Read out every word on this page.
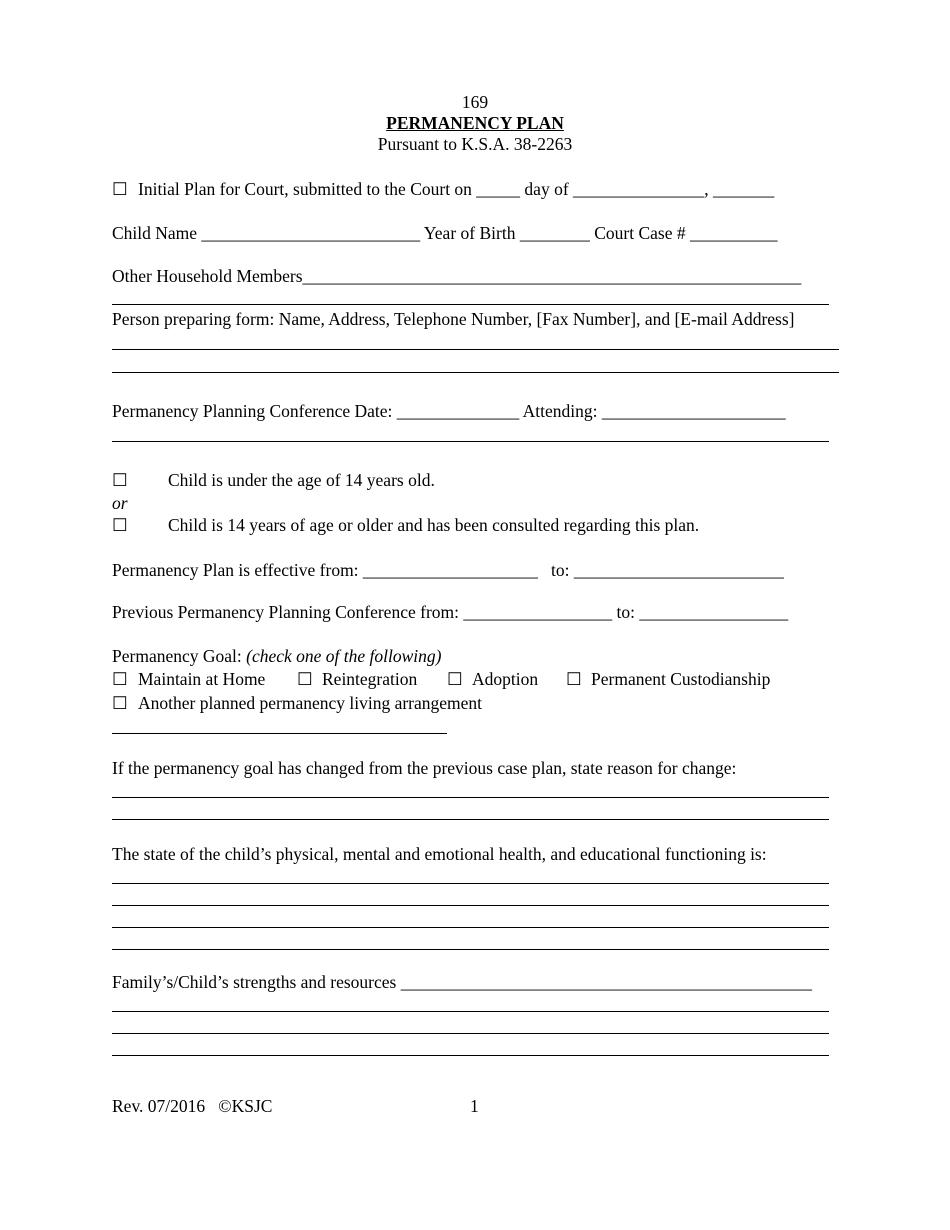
169
PERMANENCY PLAN
Pursuant to K.S.A. 38-2263
☐ Initial Plan for Court, submitted to the Court on _____ day of _______________, _______
Child Name _________________________ Year of Birth ________ Court Case # __________
Other Household Members_________________________________________________________
Person preparing form: Name, Address, Telephone Number, [Fax Number], and [E-mail Address]
Permanency Planning Conference Date: ______________ Attending: _____________________
☐ Child is under the age of 14 years old.
or
☐ Child is 14 years of age or older and has been consulted regarding this plan.
Permanency Plan is effective from: ____________________   to: ________________________
Previous Permanency Planning Conference from: _________________ to: _________________
Permanency Goal: (check one of the following)
☐ Maintain at Home ☐ Reintegration ☐ Adoption ☐ Permanent Custodianship
☐ Another planned permanency living arrangement
If the permanency goal has changed from the previous case plan, state reason for change:
The state of the child’s physical, mental and emotional health, and educational functioning is:
Family’s/Child’s strengths and resources _______________________________________________
Rev. 07/2016   ©KSJC	1
